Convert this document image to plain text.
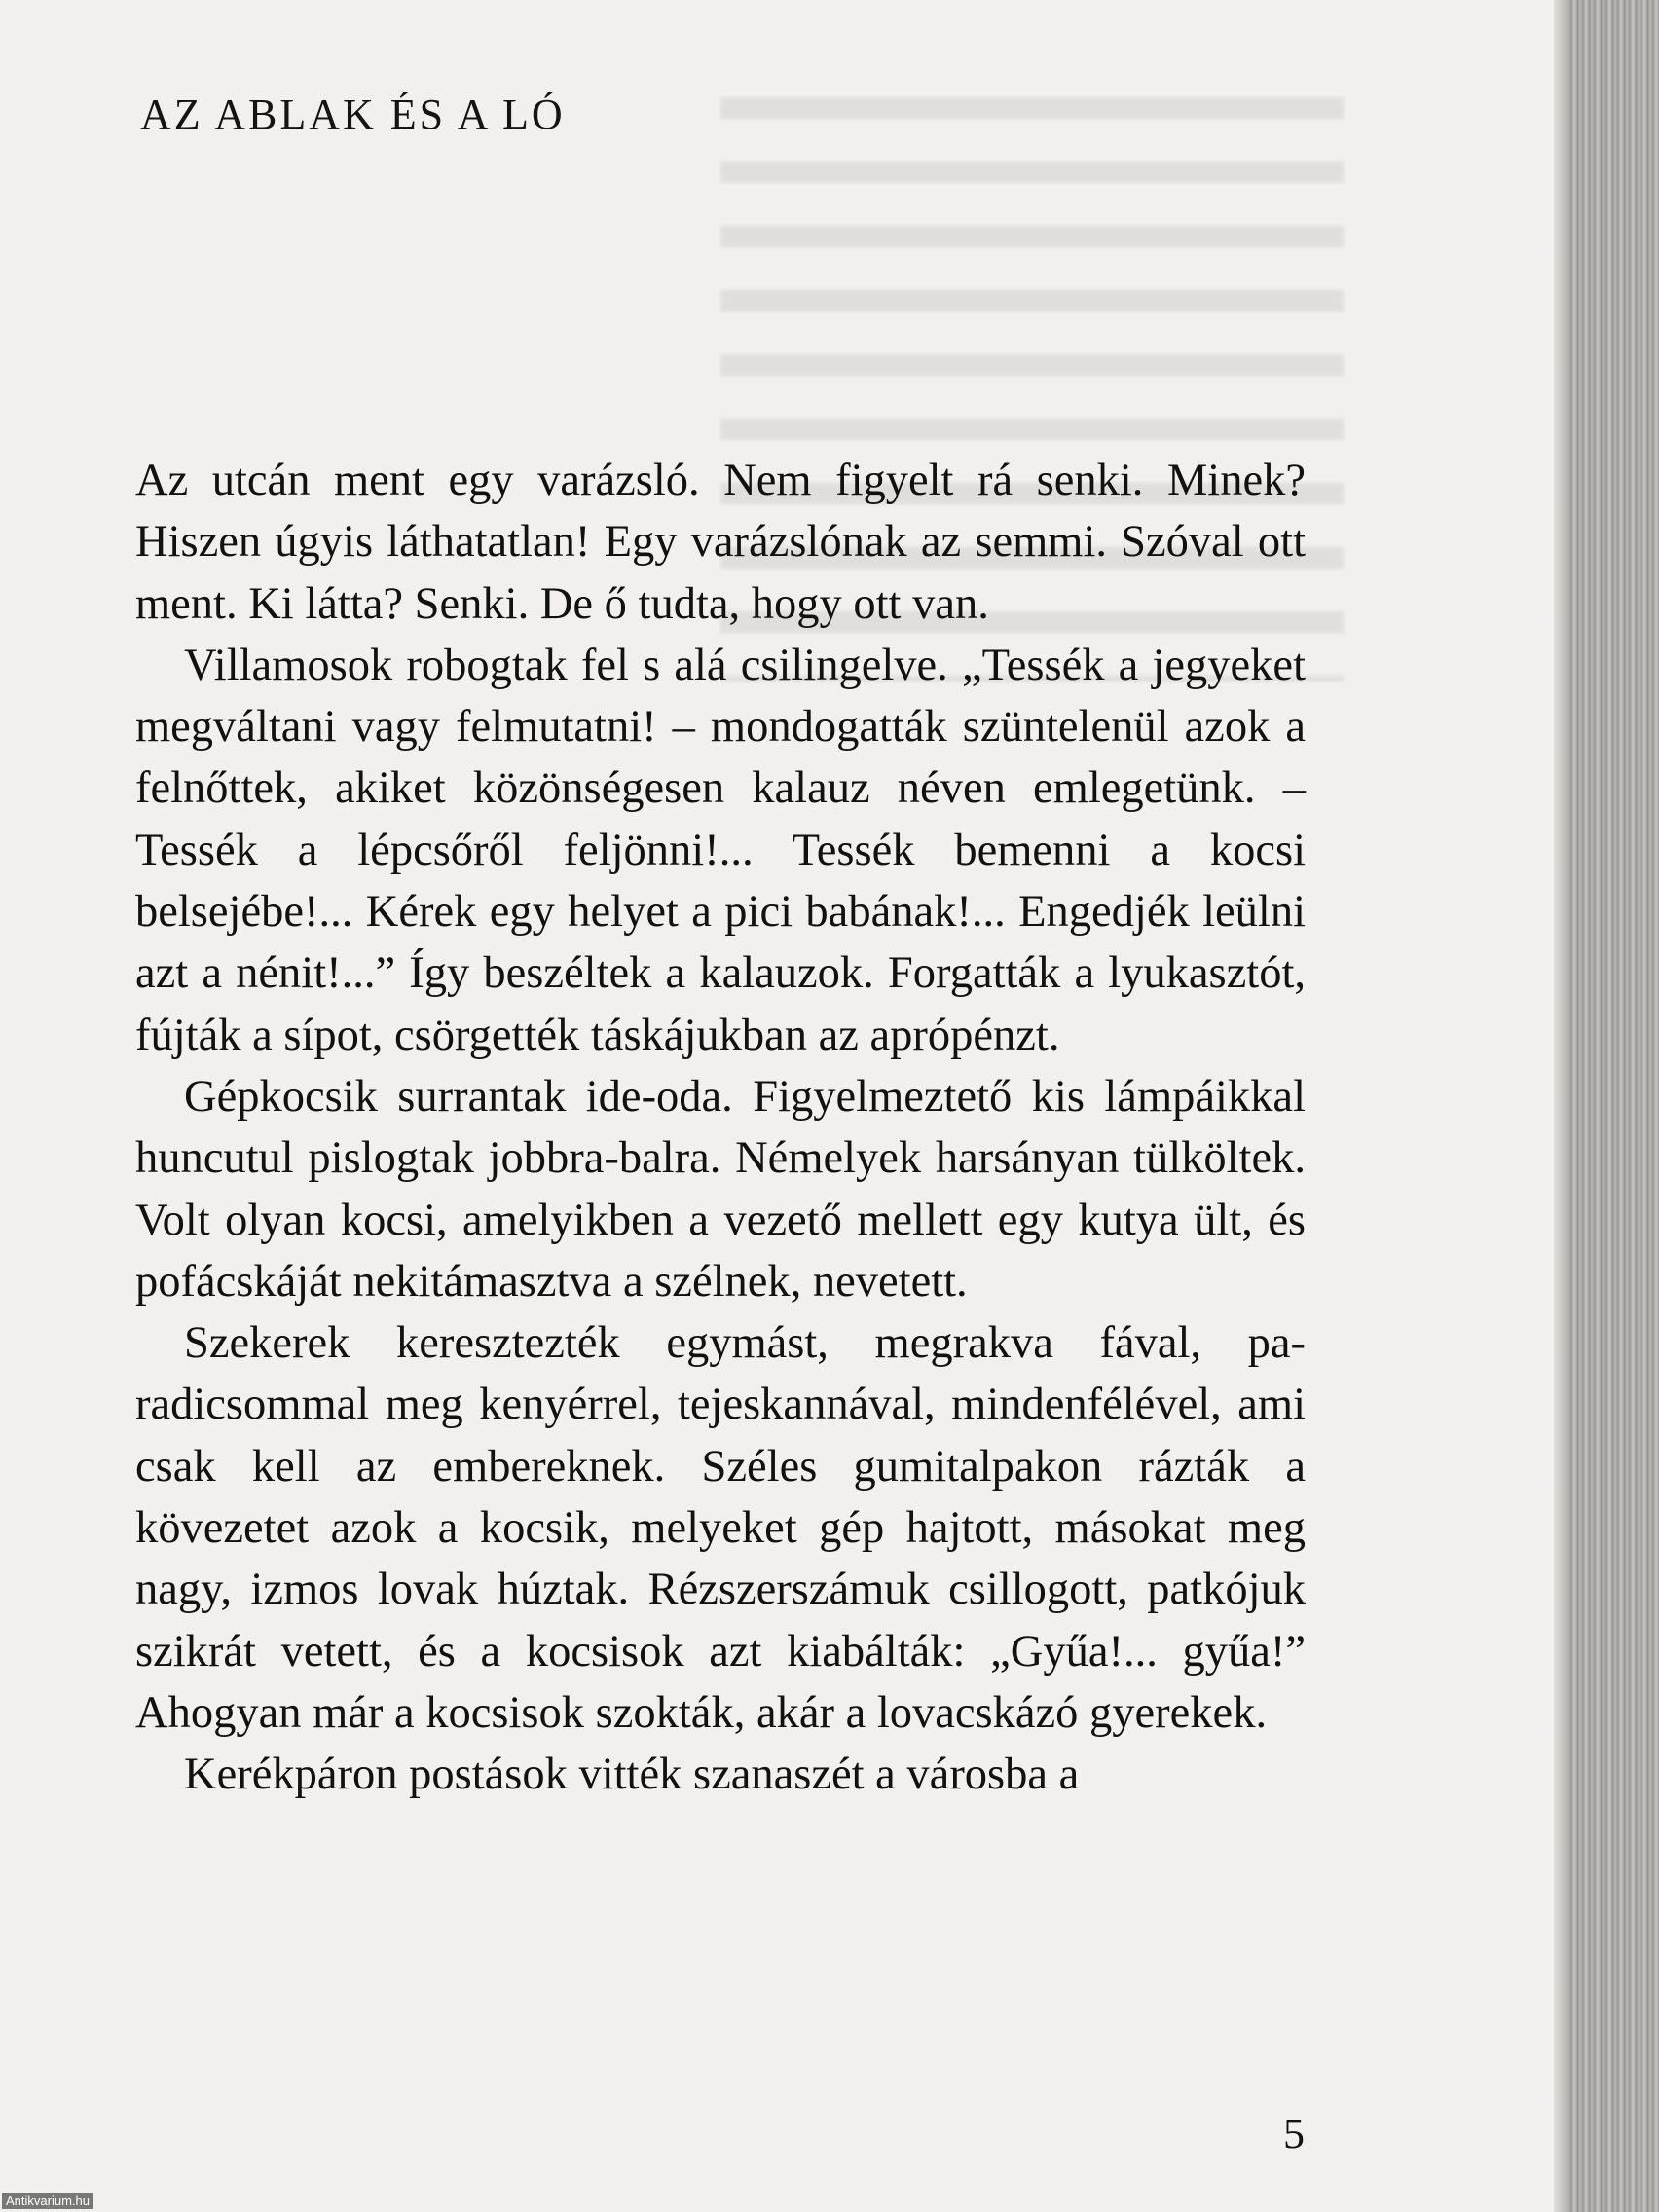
AZ ABLAK ÉS A LÓ

Az utcán ment egy varázsló. Nem figyelt rá senki. Minek? Hiszen úgyis láthatatlan! Egy varázslónak az semmi. Szóval ott ment. Ki látta? Senki. De ő tudta, hogy ott van.

Villamosok robogtak fel s alá csilingelve. „Tessék a jegyeket megváltani vagy felmutatni! – mondogatták szüntelenül azok a felnőttek, akiket közönségesen kalauz néven emlegetünk. – Tessék a lépcsőről feljönni!... Tessék bemenni a kocsi belsejébe!... Kérek egy helyet a pici babának!... Engedjék leülni azt a nénit!...” Így beszéltek a kalauzok. Forgatták a lyukasztót, fújták a sípot, csörgették táskájukban az aprópénzt.

Gépkocsik surrantak ide-oda. Figyelmeztető kis lámpáikkal huncutul pislogtak jobbra-balra. Némelyek harsányan tülköltek. Volt olyan kocsi, amelyikben a vezető mellett egy kutya ült, és pofácskáját nekitámasztva a szélnek, nevetett.

Szekerek keresztezték egymást, megrakva fával, paradicsommal meg kenyérrel, tejeskannával, mindenfélével, ami csak kell az embereknek. Széles gumitalpakon rázták a kövezetet azok a kocsik, melyeket gép hajtott, másokat meg nagy, izmos lovak húztak. Rézszerszámuk csillogott, patkójuk szikrát vetett, és a kocsisok azt kiabálták: „Gyűa!... gyűa!” Ahogyan már a kocsisok szokták, akár a lovacskázó gyerekek.

Kerékpáron postások vitték szanaszét a városba a

5
Antikvarium.hu
